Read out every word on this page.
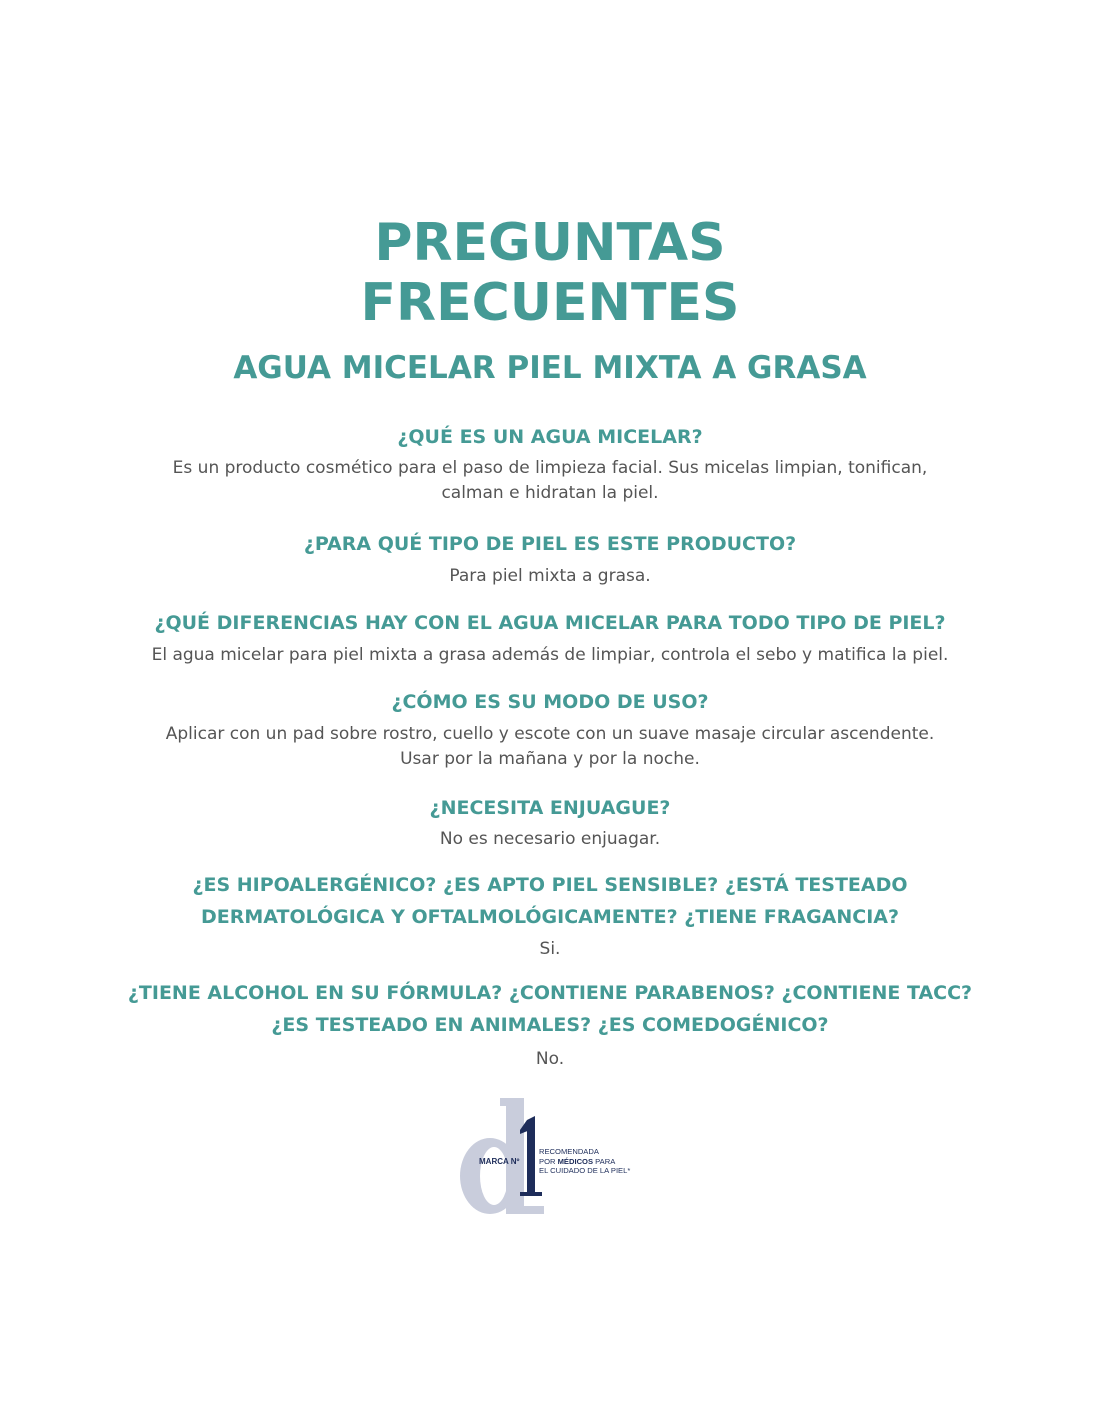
PREGUNTAS
FRECUENTES
AGUA MICELAR PIEL MIXTA A GRASA
¿QUÉ ES UN AGUA MICELAR?
Es un producto cosmético para el paso de limpieza facial. Sus micelas limpian, tonifican,
calman e hidratan la piel.
¿PARA QUÉ TIPO DE PIEL ES ESTE PRODUCTO?
Para piel mixta a grasa.
¿QUÉ DIFERENCIAS HAY CON EL AGUA MICELAR PARA TODO TIPO DE PIEL?
El agua micelar para piel mixta a grasa además de limpiar, controla el sebo y matifica la piel.
¿CÓMO ES SU MODO DE USO?
Aplicar con un pad sobre rostro, cuello y escote con un suave masaje circular ascendente.
Usar por la mañana y por la noche.
¿NECESITA ENJUAGUE?
No es necesario enjuagar.
¿ES HIPOALERGÉNICO? ¿ES APTO PIEL SENSIBLE? ¿ESTÁ TESTEADO
DERMATOLÓGICA Y OFTALMOLÓGICAMENTE? ¿TIENE FRAGANCIA?
Si.
¿TIENE ALCOHOL EN SU FÓRMULA? ¿CONTIENE PARABENOS? ¿CONTIENE TACC?
¿ES TESTEADO EN ANIMALES? ¿ES COMEDOGÉNICO?
No.
MARCA Nº
RECOMENDADA
POR MÉDICOS PARA
EL CUIDADO DE LA PIEL*
